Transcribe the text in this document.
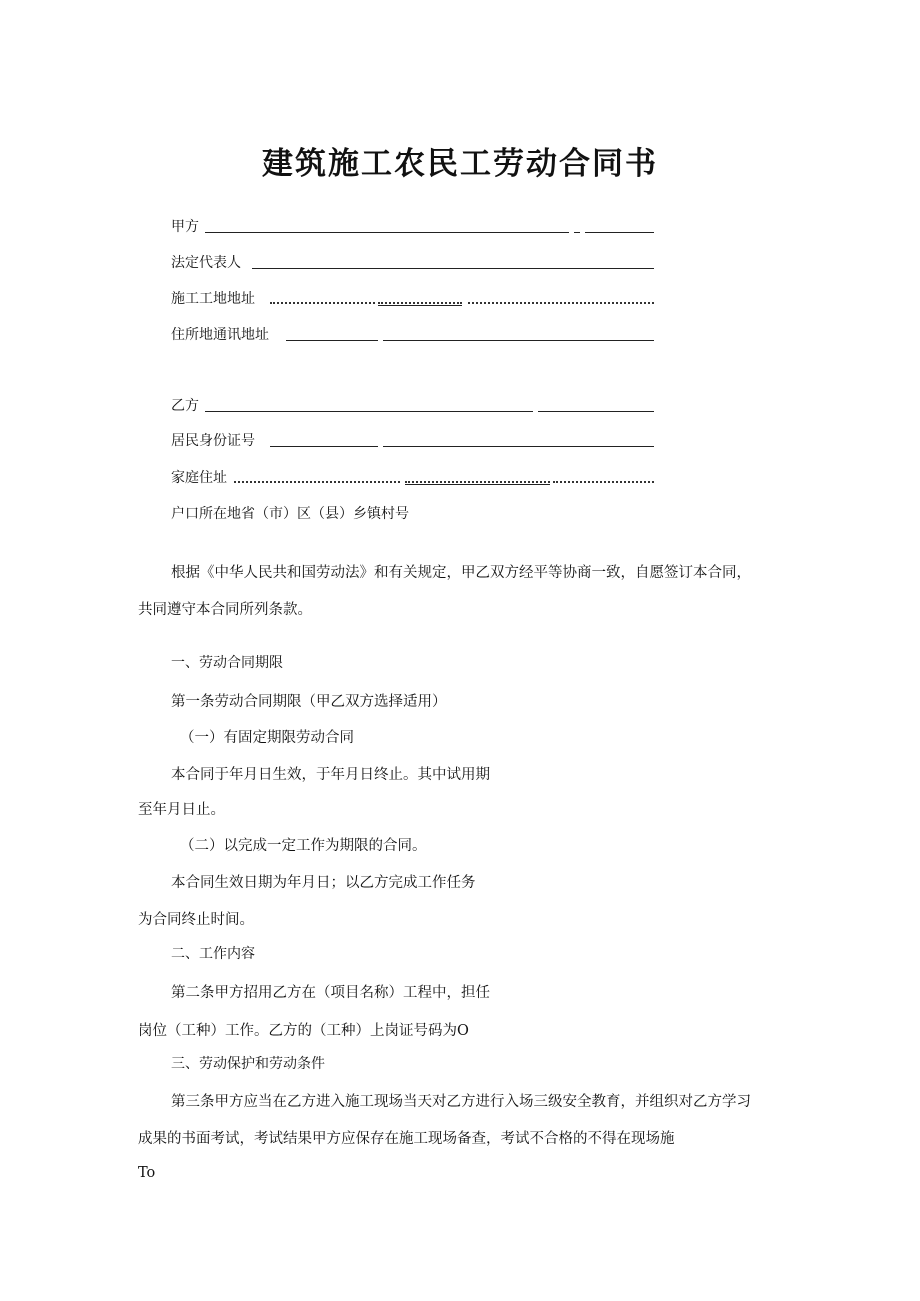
建筑施工农民工劳动合同书
甲方
法定代表人
施工工地地址
住所地通讯地址
乙方
居民身份证号
家庭住址
户口所在地省（市）区（县）乡镇村号
根据《中华人民共和国劳动法》和有关规定，甲乙双方经平等协商一致，自愿签订本合同，
共同遵守本合同所列条款。
一、劳动合同期限
第一条劳动合同期限（甲乙双方选择适用）
（一）有固定期限劳动合同
本合同于年月日生效，于年月日终止。其中试用期
至年月日止。
（二）以完成一定工作为期限的合同。
本合同生效日期为年月日；以乙方完成工作任务
为合同终止时间。
二、工作内容
第二条甲方招用乙方在（项目名称）工程中，担任
岗位（工种）工作。乙方的（工种）上岗证号码为O
三、劳动保护和劳动条件
第三条甲方应当在乙方进入施工现场当天对乙方进行入场三级安全教育，并组织对乙方学习
成果的书面考试，考试结果甲方应保存在施工现场备查，考试不合格的不得在现场施
To
